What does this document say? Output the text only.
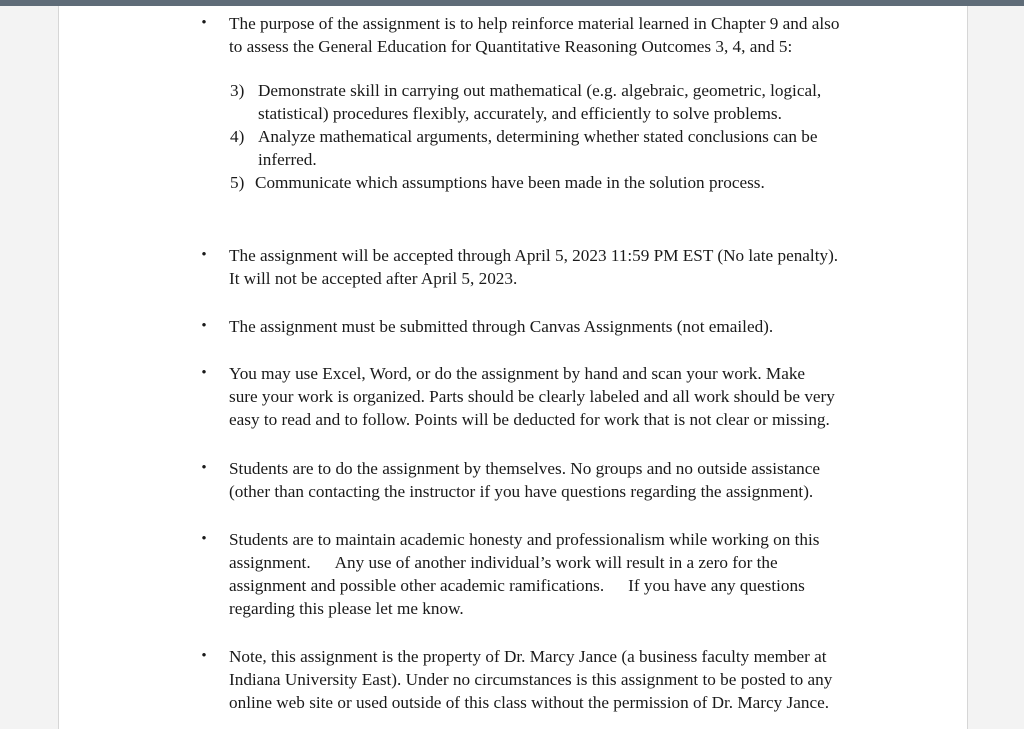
• The purpose of the assignment is to help reinforce material learned in Chapter 9 and also
to assess the General Education for Quantitative Reasoning Outcomes 3, 4, and 5:
3) Demonstrate skill in carrying out mathematical (e.g. algebraic, geometric, logical,
statistical) procedures flexibly, accurately, and efficiently to solve problems.
4) Analyze mathematical arguments, determining whether stated conclusions can be
inferred.
5) Communicate which assumptions have been made in the solution process.
• The assignment will be accepted through April 5, 2023 11:59 PM EST (No late penalty).
It will not be accepted after April 5, 2023.
• The assignment must be submitted through Canvas Assignments (not emailed).
• You may use Excel, Word, or do the assignment by hand and scan your work. Make
sure your work is organized. Parts should be clearly labeled and all work should be very
easy to read and to follow. Points will be deducted for work that is not clear or missing.
• Students are to do the assignment by themselves. No groups and no outside assistance
(other than contacting the instructor if you have questions regarding the assignment).
• Students are to maintain academic honesty and professionalism while working on this
assignment. Any use of another individual’s work will result in a zero for the
assignment and possible other academic ramifications. If you have any questions
regarding this please let me know.
• Note, this assignment is the property of Dr. Marcy Jance (a business faculty member at
Indiana University East). Under no circumstances is this assignment to be posted to any
online web site or used outside of this class without the permission of Dr. Marcy Jance.
